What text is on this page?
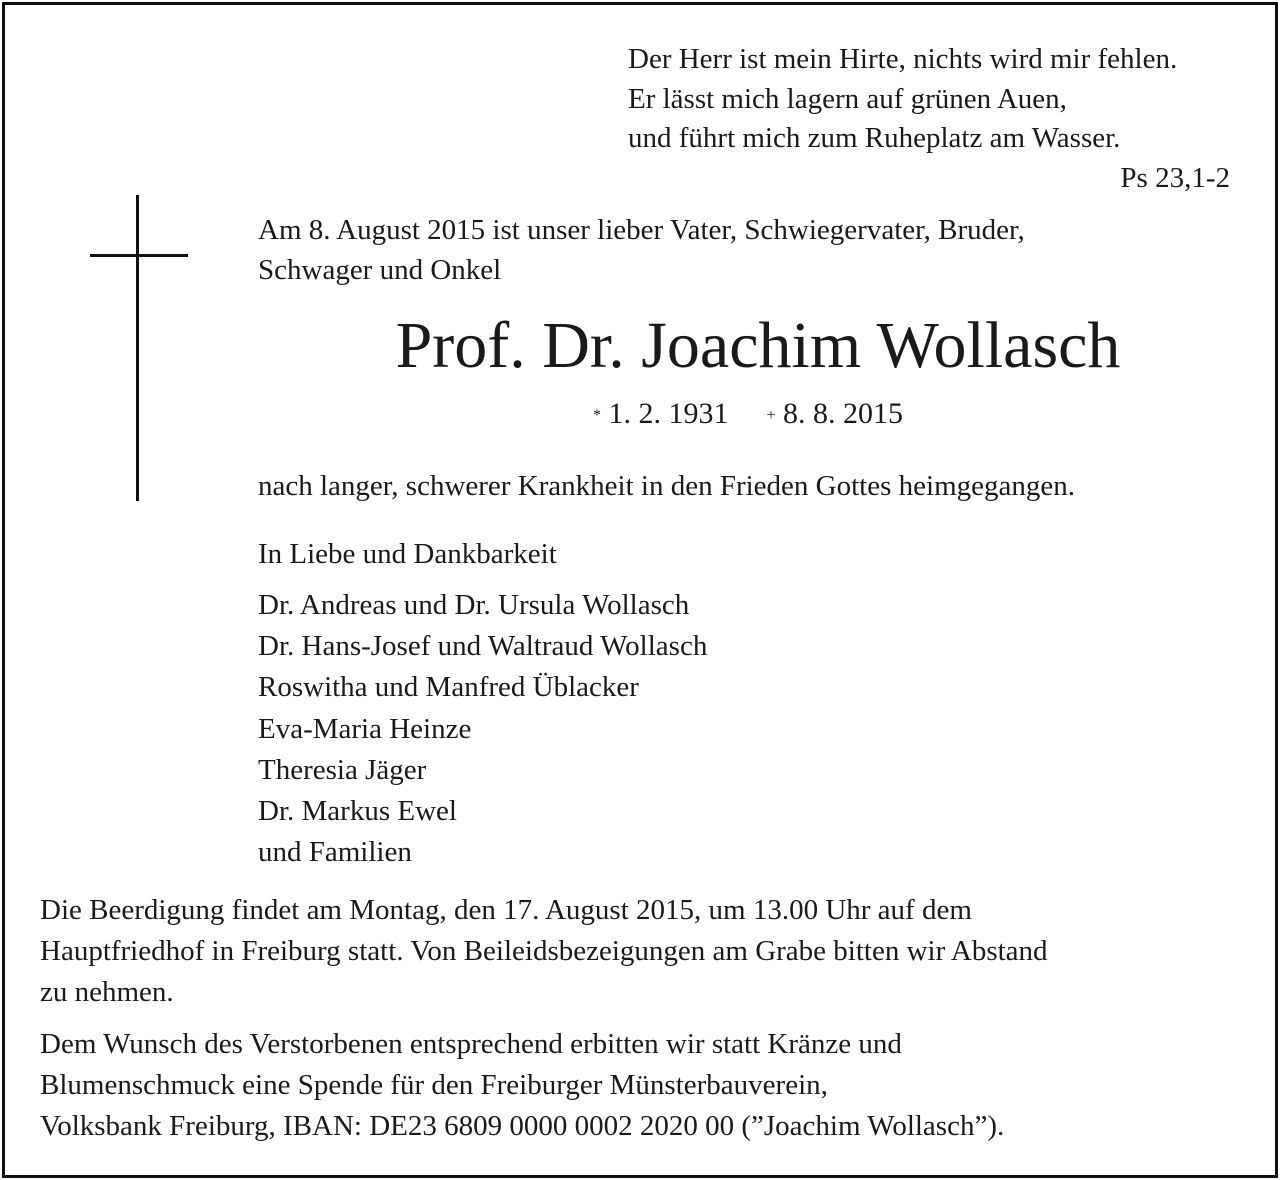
Der Herr ist mein Hirte, nichts wird mir fehlen.
Er lässt mich lagern auf grünen Auen,
und führt mich zum Ruheplatz am Wasser.
Ps 23,1-2
Am 8. August 2015 ist unser lieber Vater, Schwiegervater, Bruder,
Schwager und Onkel
Prof. Dr. Joachim Wollasch
* 1. 2. 1931 + 8. 8. 2015
nach langer, schwerer Krankheit in den Frieden Gottes heimgegangen.
In Liebe und Dankbarkeit
Dr. Andreas und Dr. Ursula Wollasch
Dr. Hans-Josef und Waltraud Wollasch
Roswitha und Manfred Üblacker
Eva-Maria Heinze
Theresia Jäger
Dr. Markus Ewel
und Familien
Die Beerdigung findet am Montag, den 17. August 2015, um 13.00 Uhr auf dem
Hauptfriedhof in Freiburg statt. Von Beileidsbezeigungen am Grabe bitten wir Abstand
zu nehmen.
Dem Wunsch des Verstorbenen entsprechend erbitten wir statt Kränze und
Blumenschmuck eine Spende für den Freiburger Münsterbauverein,
Volksbank Freiburg, IBAN: DE23 6809 0000 0002 2020 00 (”Joachim Wollasch”).
